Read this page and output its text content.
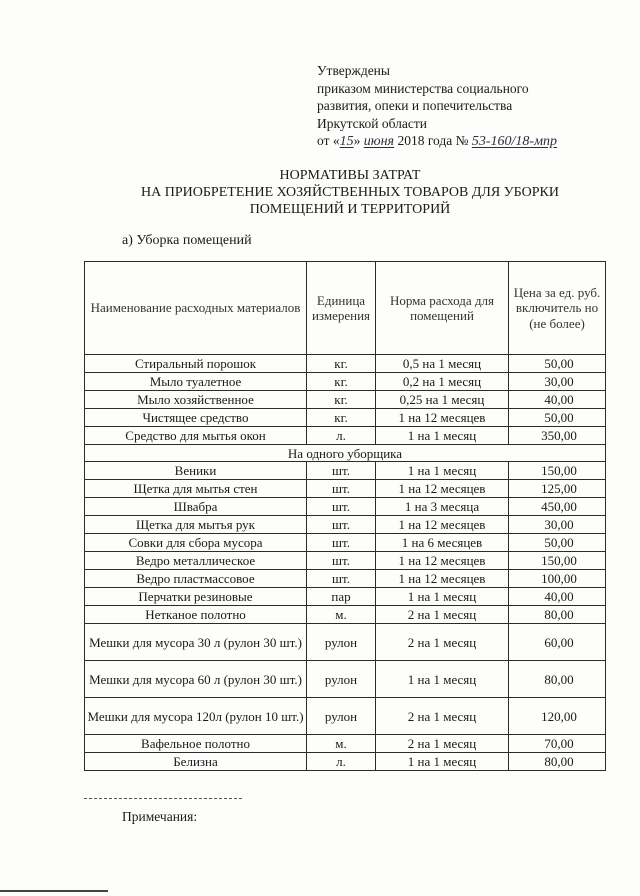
Утверждены
приказом министерства социального
развития, опеки и попечительства
Иркутской области
от «15» июня 2018 года № 53-160/18-мпр
НОРМАТИВЫ ЗАТРАТ
НА ПРИОБРЕТЕНИЕ ХОЗЯЙСТВЕННЫХ ТОВАРОВ ДЛЯ УБОРКИ
ПОМЕЩЕНИЙ И ТЕРРИТОРИЙ
а) Уборка помещений
Наименование расходных материалов	Единица измерения	Норма расхода для помещений	Цена за ед. руб. включитель но (не более)
Стиральный порошок	кг.	0,5 на 1 месяц	50,00
Мыло туалетное	кг.	0,2 на 1 месяц	30,00
Мыло хозяйственное	кг.	0,25 на 1 месяц	40,00
Чистящее средство	кг.	1 на 12 месяцев	50,00
Средство для мытья окон	л.	1 на 1 месяц	350,00
На одного уборщика			
Веники	шт.	1 на 1 месяц	150,00
Щетка для мытья стен	шт.	1 на 12 месяцев	125,00
Швабра	шт.	1 на 3 месяца	450,00
Щетка для мытья рук	шт.	1 на 12 месяцев	30,00
Совки для сбора мусора	шт.	1 на 6 месяцев	50,00
Ведро металлическое	шт.	1 на 12 месяцев	150,00
Ведро пластмассовое	шт.	1 на 12 месяцев	100,00
Перчатки резиновые	пар	1 на 1 месяц	40,00
Нетканое полотно	м.	2 на 1 месяц	80,00
Мешки для мусора 30 л (рулон 30 шт.)	рулон	2 на 1 месяц	60,00
Мешки для мусора 60 л (рулон 30 шт.)	рулон	1 на 1 месяц	80,00
Мешки для мусора 120л (рулон 10 шт.)	рулон	2 на 1 месяц	120,00
Вафельное полотно	м.	2 на 1 месяц	70,00
Белизна	л.	1 на 1 месяц	80,00
Примечания:
